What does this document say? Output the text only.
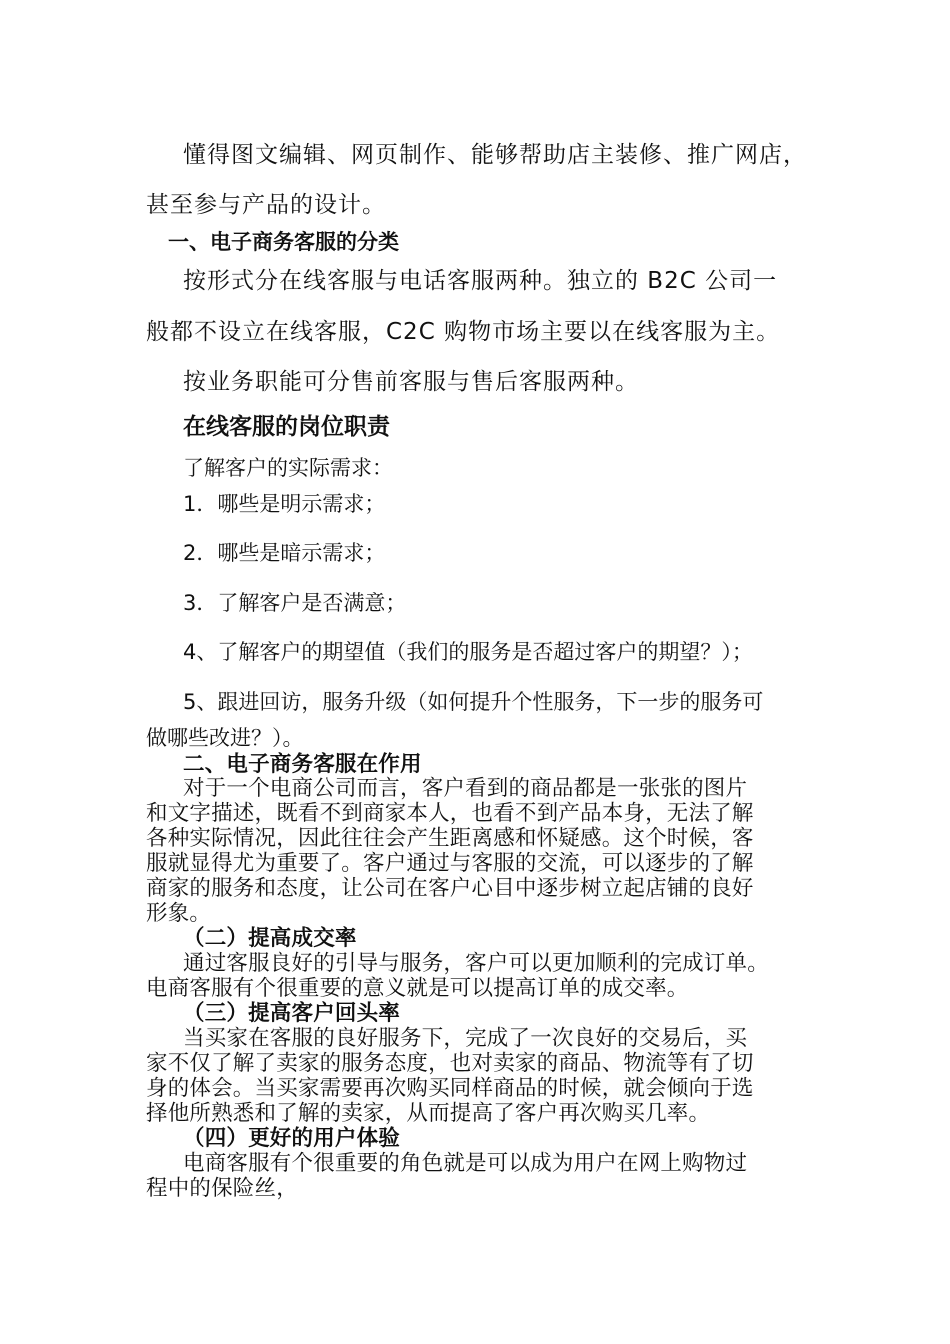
懂得图文编辑、网页制作、能够帮助店主装修、推广网店，
甚至参与产品的设计。
一、电子商务客服的分类
按形式分在线客服与电话客服两种。独立的 B2C 公司一
般都不设立在线客服，C2C 购物市场主要以在线客服为主。
按业务职能可分售前客服与售后客服两种。
在线客服的岗位职责
了解客户的实际需求：
1．哪些是明示需求；
2．哪些是暗示需求；
3．了解客户是否满意；
4、了解客户的期望值（我们的服务是否超过客户的期望？）；
5、跟进回访，服务升级（如何提升个性服务，下一步的服务可
做哪些改进？）。
二、电子商务客服在作用
对于一个电商公司而言，客户看到的商品都是一张张的图片
和文字描述，既看不到商家本人，也看不到产品本身，无法了解
各种实际情况，因此往往会产生距离感和怀疑感。这个时候，客
服就显得尤为重要了。客户通过与客服的交流，可以逐步的了解
商家的服务和态度，让公司在客户心目中逐步树立起店铺的良好
形象。
（二）提高成交率
通过客服良好的引导与服务，客户可以更加顺利的完成订单。
电商客服有个很重要的意义就是可以提高订单的成交率。
（三）提高客户回头率
当买家在客服的良好服务下，完成了一次良好的交易后，买
家不仅了解了卖家的服务态度，也对卖家的商品、物流等有了切
身的体会。当买家需要再次购买同样商品的时候，就会倾向于选
择他所熟悉和了解的卖家，从而提高了客户再次购买几率。
（四）更好的用户体验
电商客服有个很重要的角色就是可以成为用户在网上购物过
程中的保险丝，
